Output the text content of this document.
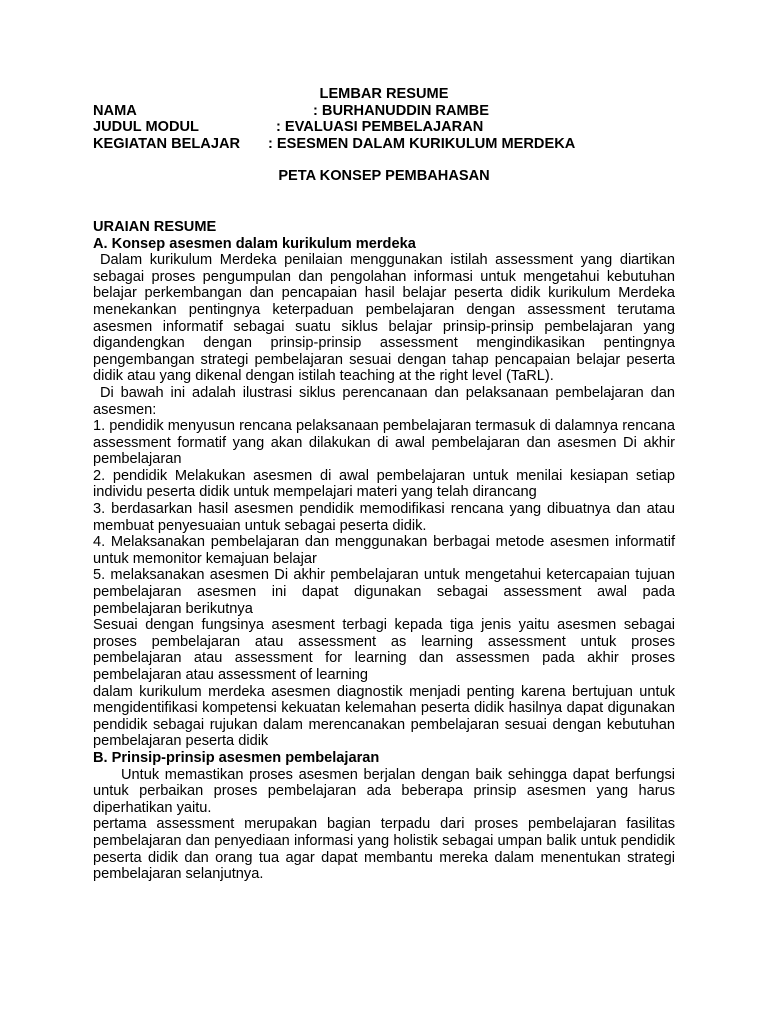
LEMBAR RESUME
NAMA	: BURHANUDDIN RAMBE
JUDUL MODUL	: EVALUASI PEMBELAJARAN
KEGIATAN BELAJAR	: ESESMEN DALAM KURIKULUM MERDEKA
PETA KONSEP PEMBAHASAN
URAIAN RESUME
A. Konsep asesmen dalam kurikulum merdeka

Dalam kurikulum Merdeka penilaian menggunakan istilah assessment yang diartikan sebagai proses pengumpulan dan pengolahan informasi untuk mengetahui kebutuhan belajar perkembangan dan pencapaian hasil belajar peserta didik kurikulum Merdeka menekankan pentingnya keterpaduan pembelajaran dengan assessment terutama asesmen informatif sebagai suatu siklus belajar prinsip-prinsip pembelajaran yang digandengkan dengan prinsip-prinsip assessment mengindikasikan pentingnya pengembangan strategi pembelajaran sesuai dengan tahap pencapaian belajar peserta didik atau yang dikenal dengan istilah teaching at the right level (TaRL).

Di bawah ini adalah ilustrasi siklus perencanaan dan pelaksanaan pembelajaran dan asesmen:

1. pendidik menyusun rencana pelaksanaan pembelajaran termasuk di dalamnya rencana assessment formatif yang akan dilakukan di awal pembelajaran dan asesmen Di akhir pembelajaran

2. pendidik Melakukan asesmen di awal pembelajaran untuk menilai kesiapan setiap individu peserta didik untuk mempelajari materi yang telah dirancang

3. berdasarkan hasil asesmen pendidik memodifikasi rencana yang dibuatnya dan atau membuat penyesuaian untuk sebagai peserta didik.

4. Melaksanakan pembelajaran dan menggunakan berbagai metode asesmen informatif untuk memonitor kemajuan belajar

5. melaksanakan asesmen Di akhir pembelajaran untuk mengetahui ketercapaian tujuan pembelajaran asesmen ini dapat digunakan sebagai assessment awal pada pembelajaran berikutnya

Sesuai dengan fungsinya asesment terbagi kepada tiga jenis yaitu asesmen sebagai proses pembelajaran atau assessment as learning assessment untuk proses pembelajaran atau assessment for learning dan assessmen pada akhir proses pembelajaran atau assessment of learning

dalam kurikulum merdeka asesmen diagnostik menjadi penting karena bertujuan untuk mengidentifikasi kompetensi kekuatan kelemahan peserta didik hasilnya dapat digunakan pendidik sebagai rujukan dalam merencanakan pembelajaran sesuai dengan kebutuhan pembelajaran peserta didik

B. Prinsip-prinsip asesmen pembelajaran

Untuk memastikan proses asesmen berjalan dengan baik sehingga dapat berfungsi untuk perbaikan proses pembelajaran ada beberapa prinsip asesmen yang harus diperhatikan yaitu.

pertama assessment merupakan bagian terpadu dari proses pembelajaran fasilitas pembelajaran dan penyediaan informasi yang holistik sebagai umpan balik untuk pendidik peserta didik dan orang tua agar dapat membantu mereka dalam menentukan strategi pembelajaran selanjutnya.
